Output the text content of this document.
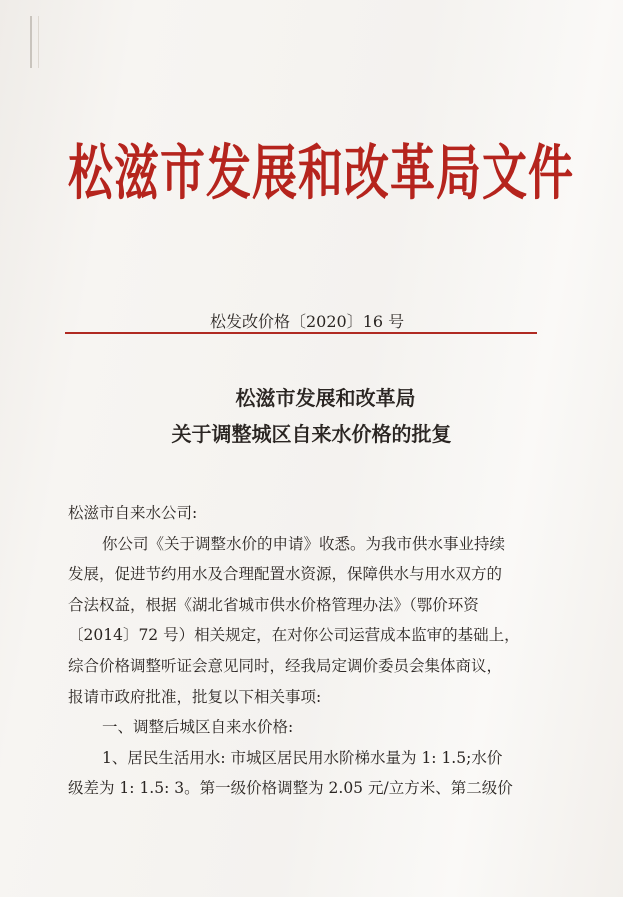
松滋市发展和改革局文件
松发改价格〔2020〕16 号
松滋市发展和改革局
关于调整城区自来水价格的批复

松滋市自来水公司:

你公司《关于调整水价的申请》收悉。为我市供水事业持续

发展，促进节约用水及合理配置水资源，保障供水与用水双方的

合法权益，根据《湖北省城市供水价格管理办法》（鄂价环资

〔2014〕72 号）相关规定，在对你公司运营成本监审的基础上，

综合价格调整听证会意见同时，经我局定调价委员会集体商议，

报请市政府批准，批复以下相关事项:

一、调整后城区自来水价格:

1、居民生活用水: 市城区居民用水阶梯水量为 1: 1.5;水价

级差为 1: 1.5: 3。第一级价格调整为 2.05 元/立方米、第二级价
